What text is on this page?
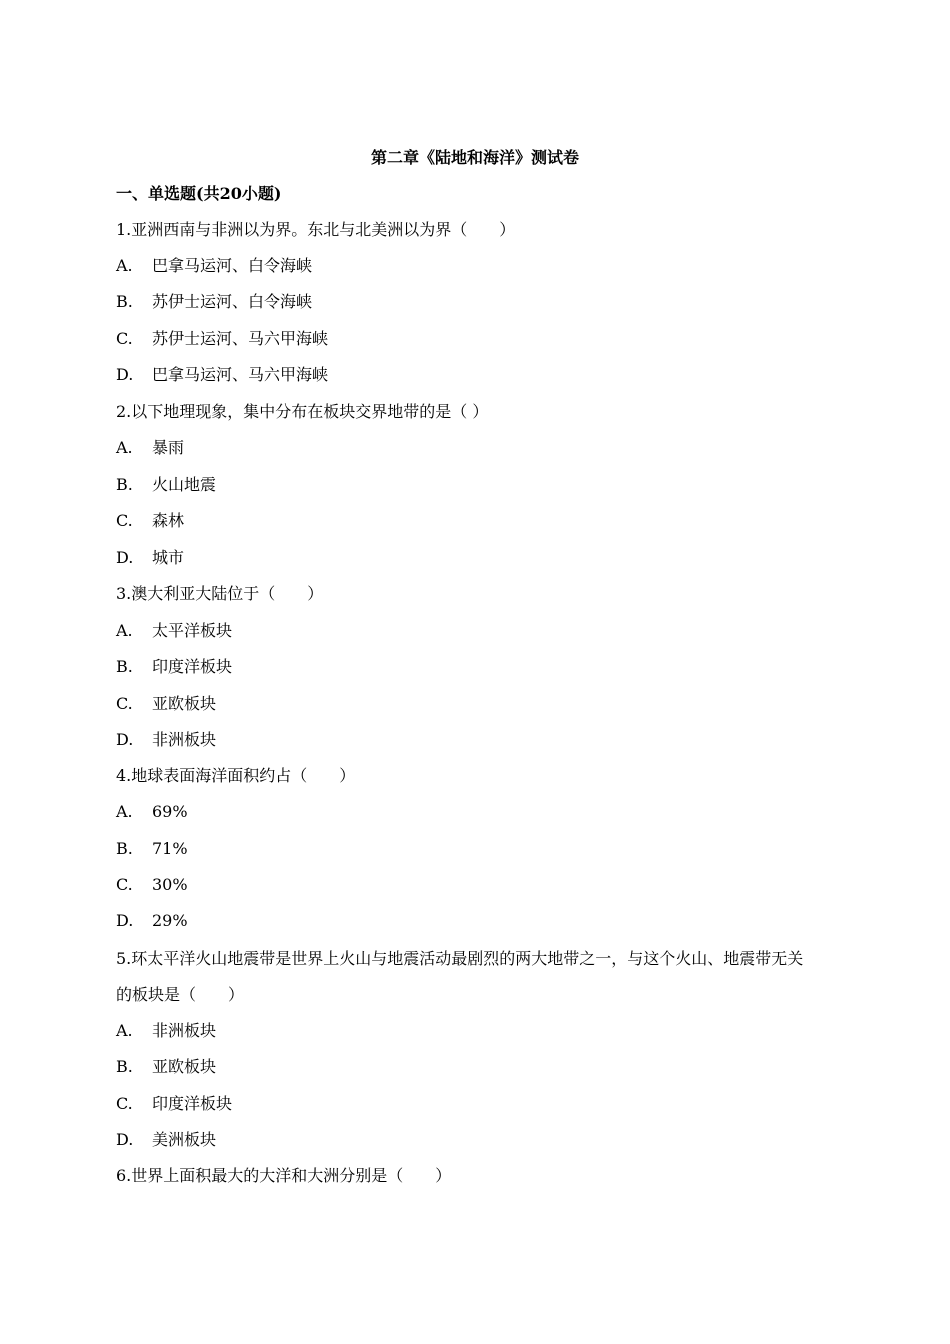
第二章《陆地和海洋》测试卷
一、单选题(共20小题)
1.亚洲西南与非洲以为界。东北与北美洲以为界（　　）
A. 巴拿马运河、白令海峡
B. 苏伊士运河、白令海峡
C. 苏伊士运河、马六甲海峡
D. 巴拿马运河、马六甲海峡
2.以下地理现象，集中分布在板块交界地带的是（ ）
A. 暴雨
B. 火山地震
C. 森林
D. 城市
3.澳大利亚大陆位于（　　）
A. 太平洋板块
B. 印度洋板块
C. 亚欧板块
D. 非洲板块
4.地球表面海洋面积约占（　　）
A. 69%
B. 71%
C. 30%
D. 29%
5.环太平洋火山地震带是世界上火山与地震活动最剧烈的两大地带之一，与这个火山、地震带无关
的板块是（　　）
A. 非洲板块
B. 亚欧板块
C. 印度洋板块
D. 美洲板块
6.世界上面积最大的大洋和大洲分别是（　　）
